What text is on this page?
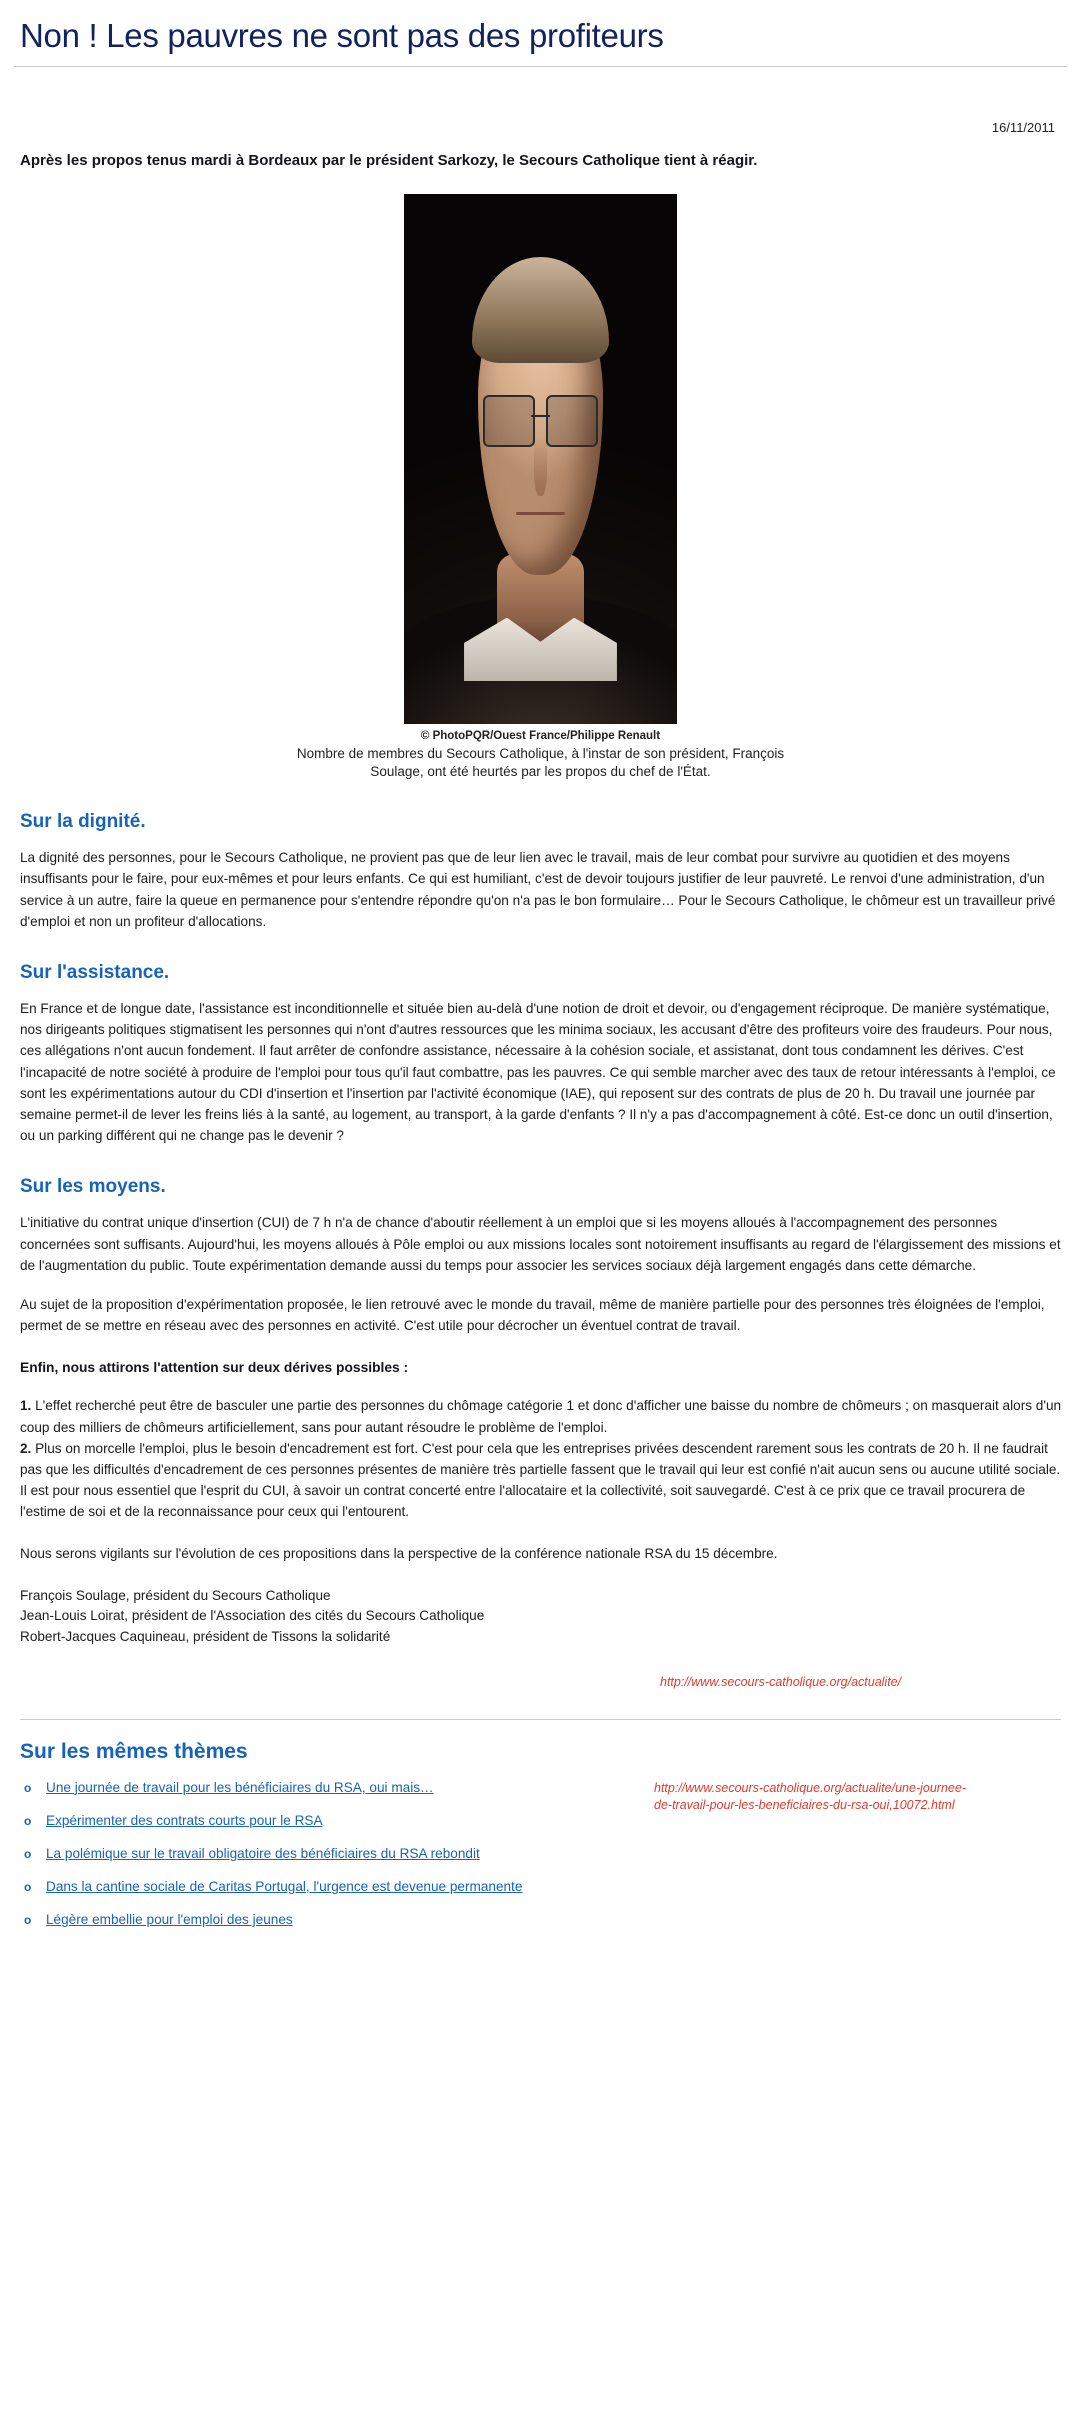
Non ! Les pauvres ne sont pas des profiteurs
16/11/2011

Après les propos tenus mardi à Bordeaux par le président Sarkozy, le Secours Catholique tient à réagir.

© PhotoPQR/Ouest France/Philippe Renault

Nombre de membres du Secours Catholique, à l'instar de son président, François Soulage, ont été heurtés par les propos du chef de l'État.

Sur la dignité.

La dignité des personnes, pour le Secours Catholique, ne provient pas que de leur lien avec le travail, mais de leur combat pour survivre au quotidien et des moyens insuffisants pour le faire, pour eux-mêmes et pour leurs enfants. Ce qui est humiliant, c'est de devoir toujours justifier de leur pauvreté. Le renvoi d'une administration, d'un service à un autre, faire la queue en permanence pour s'entendre répondre qu'on n'a pas le bon formulaire… Pour le Secours Catholique, le chômeur est un travailleur privé d'emploi et non un profiteur d'allocations.

Sur l'assistance.

En France et de longue date, l'assistance est inconditionnelle et située bien au-delà d'une notion de droit et devoir, ou d'engagement réciproque. De manière systématique, nos dirigeants politiques stigmatisent les personnes qui n'ont d'autres ressources que les minima sociaux, les accusant d'être des profiteurs voire des fraudeurs. Pour nous, ces allégations n'ont aucun fondement. Il faut arrêter de confondre assistance, nécessaire à la cohésion sociale, et assistanat, dont tous condamnent les dérives. C'est l'incapacité de notre société à produire de l'emploi pour tous qu'il faut combattre, pas les pauvres. Ce qui semble marcher avec des taux de retour intéressants à l'emploi, ce sont les expérimentations autour du CDI d'insertion et l'insertion par l'activité économique (IAE), qui reposent sur des contrats de plus de 20 h. Du travail une journée par semaine permet-il de lever les freins liés à la santé, au logement, au transport, à la garde d'enfants ? Il n'y a pas d'accompagnement à côté. Est-ce donc un outil d'insertion, ou un parking différent qui ne change pas le devenir ?

Sur les moyens.

L'initiative du contrat unique d'insertion (CUI) de 7 h n'a de chance d'aboutir réellement à un emploi que si les moyens alloués à l'accompagnement des personnes concernées sont suffisants. Aujourd'hui, les moyens alloués à Pôle emploi ou aux missions locales sont notoirement insuffisants au regard de l'élargissement des missions et de l'augmentation du public. Toute expérimentation demande aussi du temps pour associer les services sociaux déjà largement engagés dans cette démarche.

Au sujet de la proposition d'expérimentation proposée, le lien retrouvé avec le monde du travail, même de manière partielle pour des personnes très éloignées de l'emploi, permet de se mettre en réseau avec des personnes en activité. C'est utile pour décrocher un éventuel contrat de travail.

Enfin, nous attirons l'attention sur deux dérives possibles :

1. L'effet recherché peut être de basculer une partie des personnes du chômage catégorie 1 et donc d'afficher une baisse du nombre de chômeurs ; on masquerait alors d'un coup des milliers de chômeurs artificiellement, sans pour autant résoudre le problème de l'emploi.

2. Plus on morcelle l'emploi, plus le besoin d'encadrement est fort. C'est pour cela que les entreprises privées descendent rarement sous les contrats de 20 h. Il ne faudrait pas que les difficultés d'encadrement de ces personnes présentes de manière très partielle fassent que le travail qui leur est confié n'ait aucun sens ou aucune utilité sociale. Il est pour nous essentiel que l'esprit du CUI, à savoir un contrat concerté entre l'allocataire et la collectivité, soit sauvegardé. C'est à ce prix que ce travail procurera de l'estime de soi et de la reconnaissance pour ceux qui l'entourent.

Nous serons vigilants sur l'évolution de ces propositions dans la perspective de la conférence nationale RSA du 15 décembre.

François Soulage, président du Secours Catholique
Jean-Louis Loirat, président de l'Association des cités du Secours Catholique
Robert-Jacques Caquineau, président de Tissons la solidarité
http://www.secours-catholique.org/actualite/
Sur les mêmes thèmes
http://www.secours-catholique.org/actualite/une-journee-
de-travail-pour-les-beneficiaires-du-rsa-oui,10072.html
o	Une journée de travail pour les bénéficiaires du RSA, oui mais…
o	Expérimenter des contrats courts pour le RSA
o	La polémique sur le travail obligatoire des bénéficiaires du RSA rebondit
o	Dans la cantine sociale de Caritas Portugal, l'urgence est devenue permanente
o	Légère embellie pour l'emploi des jeunes
